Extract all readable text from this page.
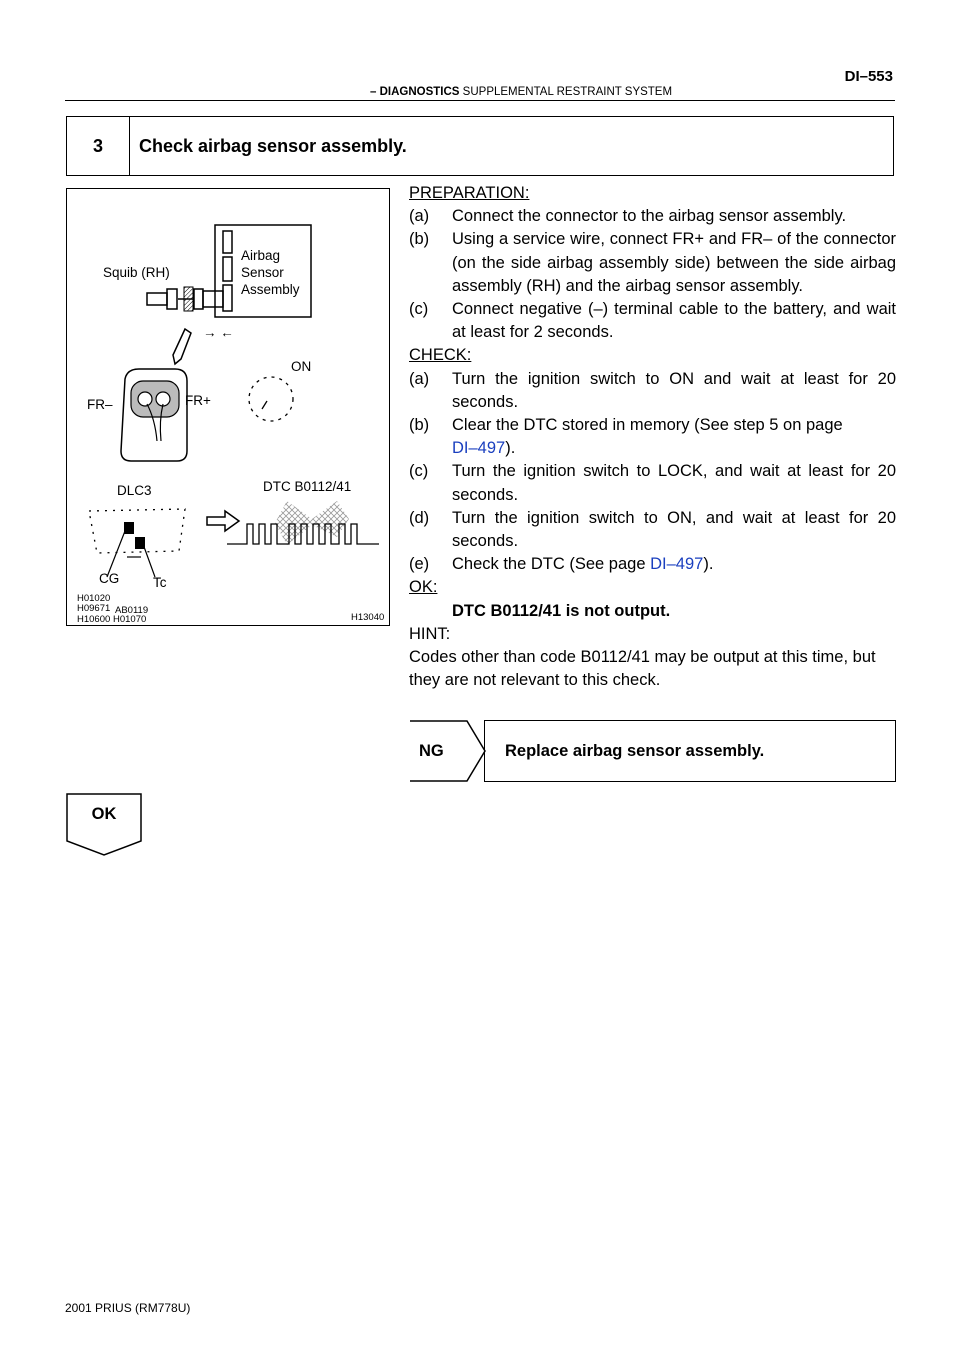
DI–553
– DIAGNOSTICS SUPPLEMENTAL RESTRAINT SYSTEM
3	Check airbag sensor assembly.
Squib (RH)
Airbag
Sensor
Assembly
→ ←
ON
FR–	FR+
DLC3	DTC B0112/41
CG	Tc
H01020
H09671 AB0119
H10600 H01070	H13040
PREPARATION:
(a) Connect the connector to the airbag sensor assembly.
(b) Using a service wire, connect FR+ and FR– of the connector (on the side airbag assembly side) between the side airbag assembly (RH) and the airbag sensor assembly.
(c) Connect negative (–) terminal cable to the battery, and wait at least for 2 seconds.
CHECK:
(a) Turn the ignition switch to ON and wait at least for 20 seconds.
(b) Clear the DTC stored in memory (See step 5 on page
DI–497).
(c) Turn the ignition switch to LOCK, and wait at least for 20 seconds.
(d) Turn the ignition switch to ON, and wait at least for 20 seconds.
(e) Check the DTC (See page DI–497).
OK:
DTC B0112/41 is not output.
HINT:
Codes other than code B0112/41 may be output at this time, but they are not relevant to this check.
NG	Replace airbag sensor assembly.
OK
2001 PRIUS (RM778U)
